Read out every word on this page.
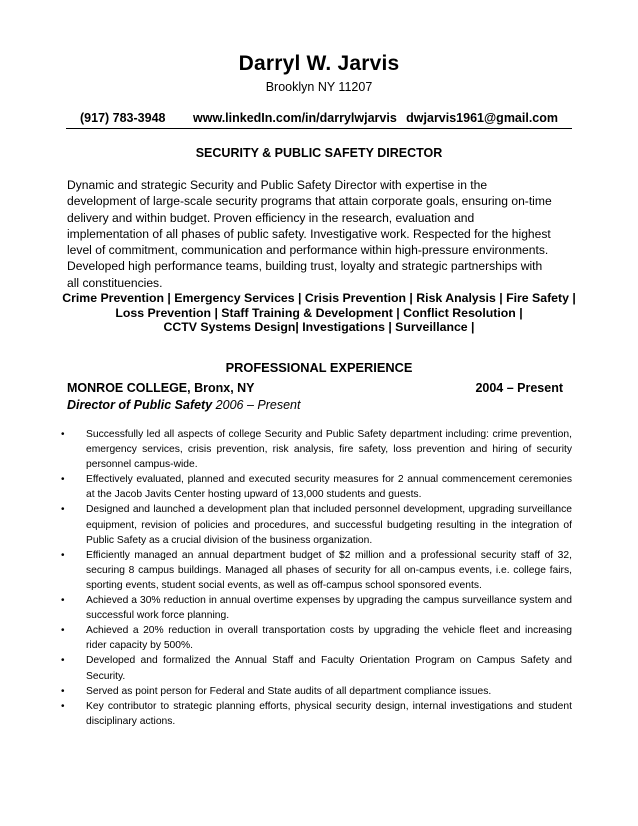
Darryl W. Jarvis
Brooklyn NY 11207
(917) 783-3948 www.linkedIn.com/in/darrylwjarvis dwjarvis1961@gmail.com
SECURITY & PUBLIC SAFETY DIRECTOR
Dynamic and strategic Security and Public Safety Director with expertise in the development of large-scale security programs that attain corporate goals, ensuring on-time delivery and within budget. Proven efficiency in the research, evaluation and implementation of all phases of public safety. Investigative work. Respected for the highest level of commitment, communication and performance within high-pressure environments. Developed high performance teams, building trust, loyalty and strategic partnerships with all constituencies.
Crime Prevention | Emergency Services | Crisis Prevention | Risk Analysis | Fire Safety |
Loss Prevention | Staff Training & Development | Conflict Resolution |
CCTV Systems Design| Investigations | Surveillance |
PROFESSIONAL EXPERIENCE
MONROE COLLEGE, Bronx, NY	2004 – Present
Director of Public Safety 2006 – Present
• Successfully led all aspects of college Security and Public Safety department including: crime prevention, emergency services, crisis prevention, risk analysis, fire safety, loss prevention and hiring of security personnel campus-wide.
• Effectively evaluated, planned and executed security measures for 2 annual commencement ceremonies at the Jacob Javits Center hosting upward of 13,000 students and guests.
• Designed and launched a development plan that included personnel development, upgrading surveillance equipment, revision of policies and procedures, and successful budgeting resulting in the integration of Public Safety as a crucial division of the business organization.
• Efficiently managed an annual department budget of $2 million and a professional security staff of 32, securing 8 campus buildings. Managed all phases of security for all on-campus events, i.e. college fairs, sporting events, student social events, as well as off-campus school sponsored events.
• Achieved a 30% reduction in annual overtime expenses by upgrading the campus surveillance system and successful work force planning.
• Achieved a 20% reduction in overall transportation costs by upgrading the vehicle fleet and increasing rider capacity by 500%.
• Developed and formalized the Annual Staff and Faculty Orientation Program on Campus Safety and Security.
• Served as point person for Federal and State audits of all department compliance issues.
• Key contributor to strategic planning efforts, physical security design, internal investigations and student disciplinary actions.
